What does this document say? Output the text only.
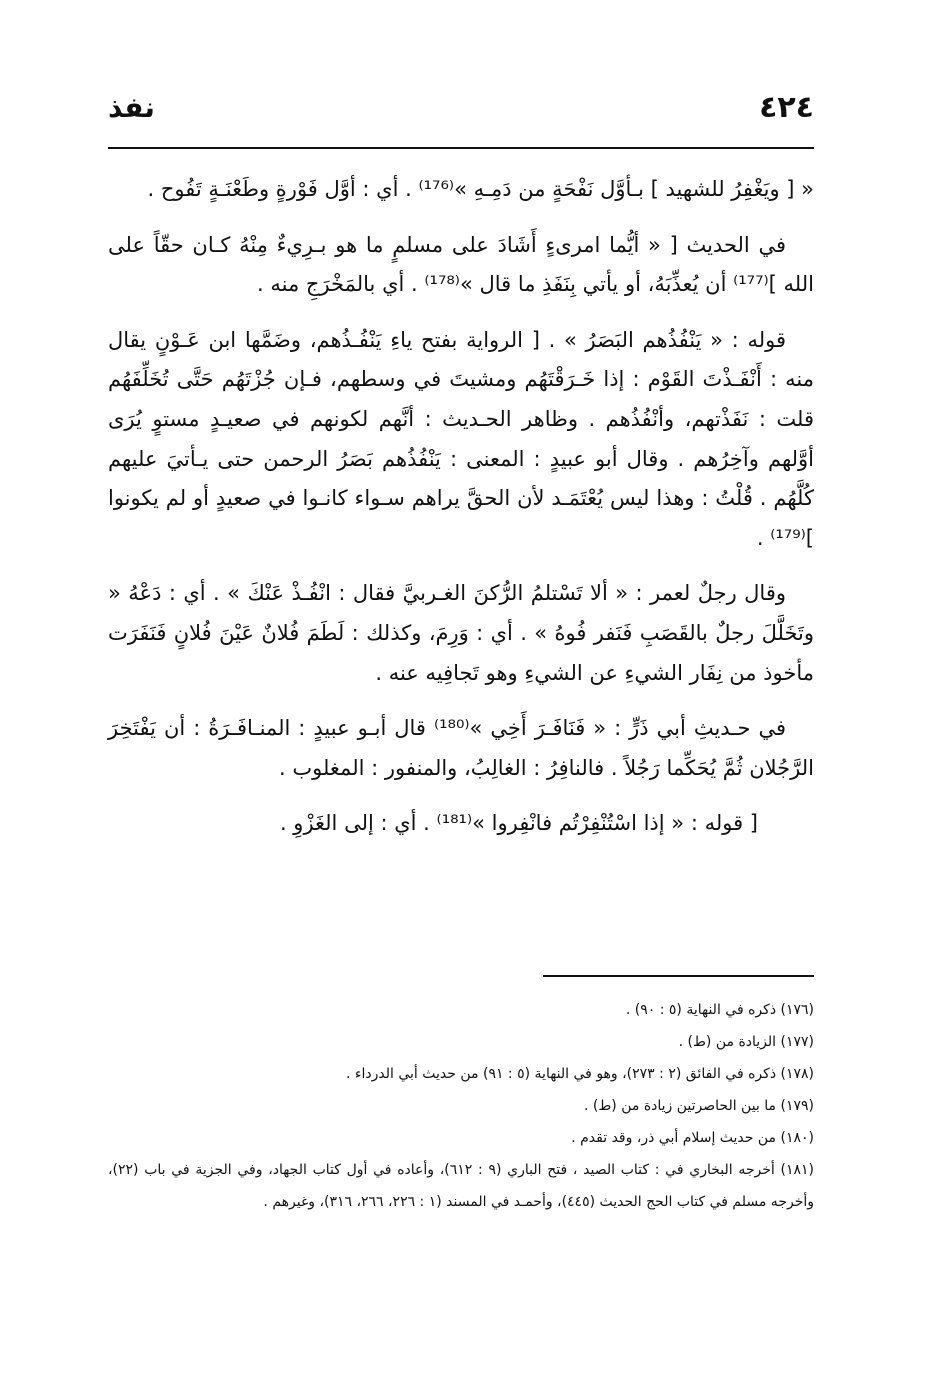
٤٢٤
نفذ

« [ ويَغْفِرُ للشهيد ] بـأوَّل نَفْحَةٍ من دَمِـهِ »⁽¹⁷⁶⁾ . أي : أوَّل فَوْرةٍ وطَعْنَـةٍ تَفُوح .

في الحديث [ « أيُّما امرىءٍ أَشَادَ على مسلمٍ ما هو بـرِيءٌ مِنْهُ كـان حقّاً على الله ]⁽¹⁷⁷⁾ أن يُعذِّبَهُ، أو يأتي بِنَفَذِ ما قال »⁽¹⁷⁸⁾ . أي بالمَخْرَجِ منه .

قوله : « يَنْفُذُهم البَصَرُ » . [ الرواية بفتح ياءِ يَنْفُـذُهم، وضَمَّها ابن عَـوْنٍ يقال منه : أَنْفَـذْتَ القَوْم : إذا خَـرَقْتَهُم ومشيتَ في وسطهم، فـإن جُزْتَهُم حَتَّى تُخَلِّفَهُم قلت : نَفَذْتهم، وأنْفُذُهم . وظاهر الحـديث : أنَّهم لكونهم في صعيـدٍ مستوٍ يُرَى أوَّلهم وآخِرُهم . وقال أبو عبيدٍ : المعنى : يَنْفُذُهم بَصَرُ الرحمن حتى يـأتيَ عليهم كُلَّهُم . قُلْتُ : وهذا ليس يُعْتَمَـد لأن الحقَّ يراهم سـواء كانـوا في صعيدٍ أو لم يكونوا ]⁽¹⁷⁹⁾ .

وقال رجلٌ لعمر : « ألا تَسْتلمُ الرُّكنَ الغـربيَّ فقال : انْفُـذْ عَنْكَ » . أي : دَعْهُ « وتَخَلَّلَ رجلٌ بالقَصَبِ فَنَفر فُوهُ » . أي : وَرِمَ، وكذلك : لَطَمَ فُلانٌ عَيْنَ فُلانٍ فَنَفَرَت مأخوذ من نِفَار الشيءِ عن الشيءِ وهو تَجافِيه عنه .

في حـديثِ أبي ذَرٍّ : « فَنَافَـرَ أَخِي »⁽¹⁸⁰⁾ قال أبـو عبيدٍ : المنـافَـرَةُ : أن يَفْتَخِرَ الرَّجُلان ثُمَّ يُحَكِّما رَجُلاً . فالنافِرُ : الغالِبُ، والمنفور : المغلوب .

[ قوله : « إذا اسْتُنْفِرْتُم فانْفِروا »⁽¹⁸¹⁾ . أي : إلى الغَزْوِ .

(١٧٦) ذكره في النهاية (٥ : ٩٠) .

(١٧٧) الزيادة من (ط) .

(١٧٨) ذكره في الفائق (٢ : ٢٧٣)، وهو في النهاية (٥ : ٩١) من حديث أبي الدرداء .

(١٧٩) ما بين الحاصرتين زيادة من (ط) .

(١٨٠) من حديث إسلام أبي ذر، وقد تقدم .

(١٨١) أخرجه البخاري في : كتاب الصيد ، فتح الباري (٩ : ٦١٢)، وأعاده في أول كتاب الجهاد، وفي الجزية في باب (٢٢)، وأخرجه مسلم في كتاب الحج الحديث (٤٤٥)، وأحمـد في المسند (١ : ٢٢٦، ٢٦٦، ٣١٦)، وغيرهم .
